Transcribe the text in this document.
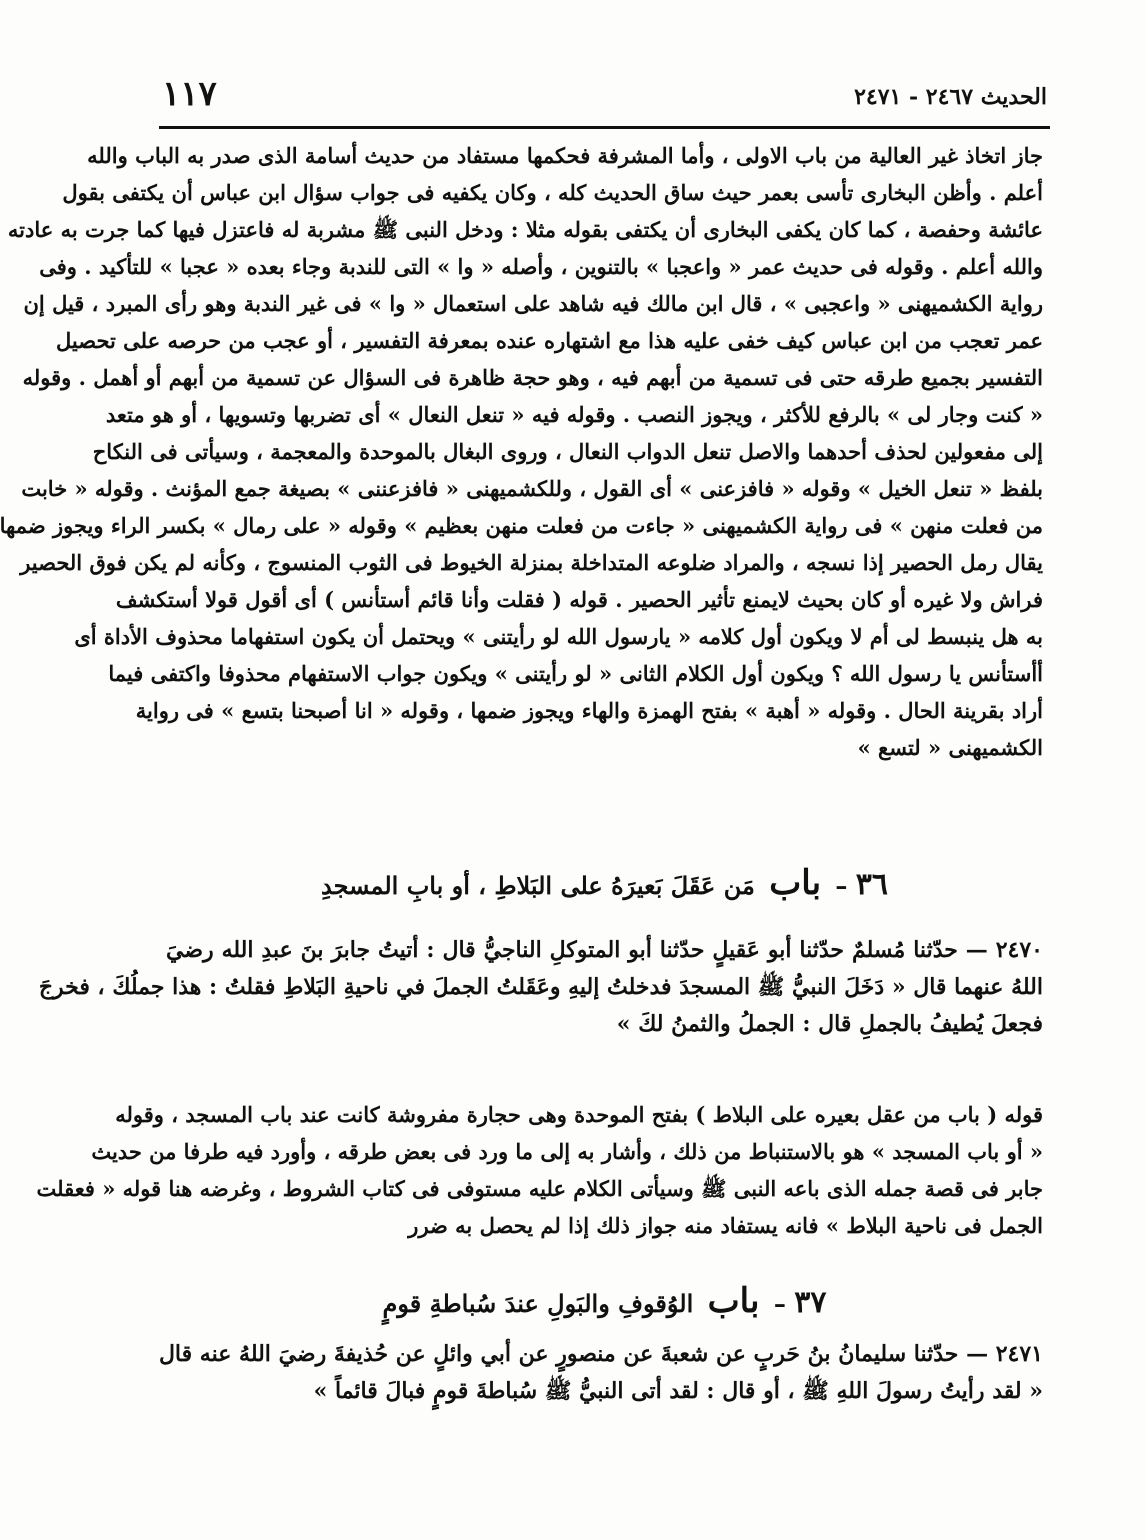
١١٧	الحديث ٢٤٦٧ - ٢٤٧١
جاز اتخاذ غير العالية من باب الاولى ، وأما المشرفة فحكمها مستفاد من حديث أسامة الذى صدر به الباب والله
أعلم . وأظن البخارى تأسى بعمر حيث ساق الحديث كله ، وكان يكفيه فى جواب سؤال ابن عباس أن يكتفى بقول
عائشة وحفصة ، كما كان يكفى البخارى أن يكتفى بقوله مثلا : ودخل النبى ﷺ مشربة له فاعتزل فيها كما جرت به عادته
والله أعلم . وقوله فى حديث عمر « واعجبا » بالتنوين ، وأصله « وا » التى للندبة وجاء بعده « عجبا » للتأكيد . وفى
رواية الكشميهنى « واعجبى » ، قال ابن مالك فيه شاهد على استعمال « وا » فى غير الندبة وهو رأى المبرد ، قيل إن
عمر تعجب من ابن عباس كيف خفى عليه هذا مع اشتهاره عنده بمعرفة التفسير ، أو عجب من حرصه على تحصيل
التفسير بجميع طرقه حتى فى تسمية من أبهم فيه ، وهو حجة ظاهرة فى السؤال عن تسمية من أبهم أو أهمل . وقوله
« كنت وجار لى » بالرفع للأكثر ، ويجوز النصب . وقوله فيه « تنعل النعال » أى تضربها وتسويها ، أو هو متعد
إلى مفعولين لحذف أحدهما والاصل تنعل الدواب النعال ، وروى البغال بالموحدة والمعجمة ، وسيأتى فى النكاح
بلفظ « تنعل الخيل » وقوله « فافزعنى » أى القول ، وللكشميهنى « فافزعننى » بصيغة جمع المؤنث . وقوله « خابت
من فعلت منهن » فى رواية الكشميهنى « جاءت من فعلت منهن بعظيم » وقوله « على رمال » بكسر الراء ويجوز ضمها
يقال رمل الحصير إذا نسجه ، والمراد ضلوعه المتداخلة بمنزلة الخيوط فى الثوب المنسوج ، وكأنه لم يكن فوق الحصير
فراش ولا غيره أو كان بحيث لايمنع تأثير الحصير . قوله ( فقلت وأنا قائم أستأنس ) أى أقول قولا أستكشف
به هل ينبسط لى أم لا ويكون أول كلامه « يارسول الله لو رأيتنى » ويحتمل أن يكون استفهاما محذوف الأداة أى
أأستأنس يا رسول الله ؟ ويكون أول الكلام الثانى « لو رأيتنى » ويكون جواب الاستفهام محذوفا واكتفى فيما
أراد بقرينة الحال . وقوله « أهبة » بفتح الهمزة والهاء ويجوز ضمها ، وقوله « انا أصبحنا بتسع » فى رواية
الكشميهنى « لتسع »
٣٦ – باب مَن عَقَلَ بَعيرَهُ على البَلاطِ ، أو بابِ المسجدِ
٢٤٧٠ — حدّثنا مُسلمٌ حدّثنا أبو عَقيلٍ حدّثنا أبو المتوكلِ الناجيُّ قال : أتيتُ جابرَ بنَ عبدِ الله رضيَ
اللهُ عنهما قال « دَخَلَ النبيُّ ﷺ المسجدَ فدخلتُ إليهِ وعَقَلتُ الجملَ في ناحيةِ البَلاطِ فقلتُ : هذا جملُكَ ، فخرجَ
فجعلَ يُطيفُ بالجملِ قال : الجملُ والثمنُ لكَ »
قوله ( باب من عقل بعيره على البلاط ) بفتح الموحدة وهى حجارة مفروشة كانت عند باب المسجد ، وقوله
« أو باب المسجد » هو بالاستنباط من ذلك ، وأشار به إلى ما ورد فى بعض طرقه ، وأورد فيه طرفا من حديث
جابر فى قصة جمله الذى باعه النبى ﷺ وسيأتى الكلام عليه مستوفى فى كتاب الشروط ، وغرضه هنا قوله « فعقلت
الجمل فى ناحية البلاط » فانه يستفاد منه جواز ذلك إذا لم يحصل به ضرر
٣٧ – باب الوُقوفِ والبَولِ عندَ سُباطةِ قومٍ
٢٤٧١ — حدّثنا سليمانُ بنُ حَربٍ عن شعبةَ عن منصورٍ عن أبي وائلٍ عن حُذيفةَ رضيَ اللهُ عنه قال
« لقد رأيتُ رسولَ اللهِ ﷺ ، أو قال : لقد أتى النبيُّ ﷺ سُباطةَ قومٍ فبالَ قائماً »
